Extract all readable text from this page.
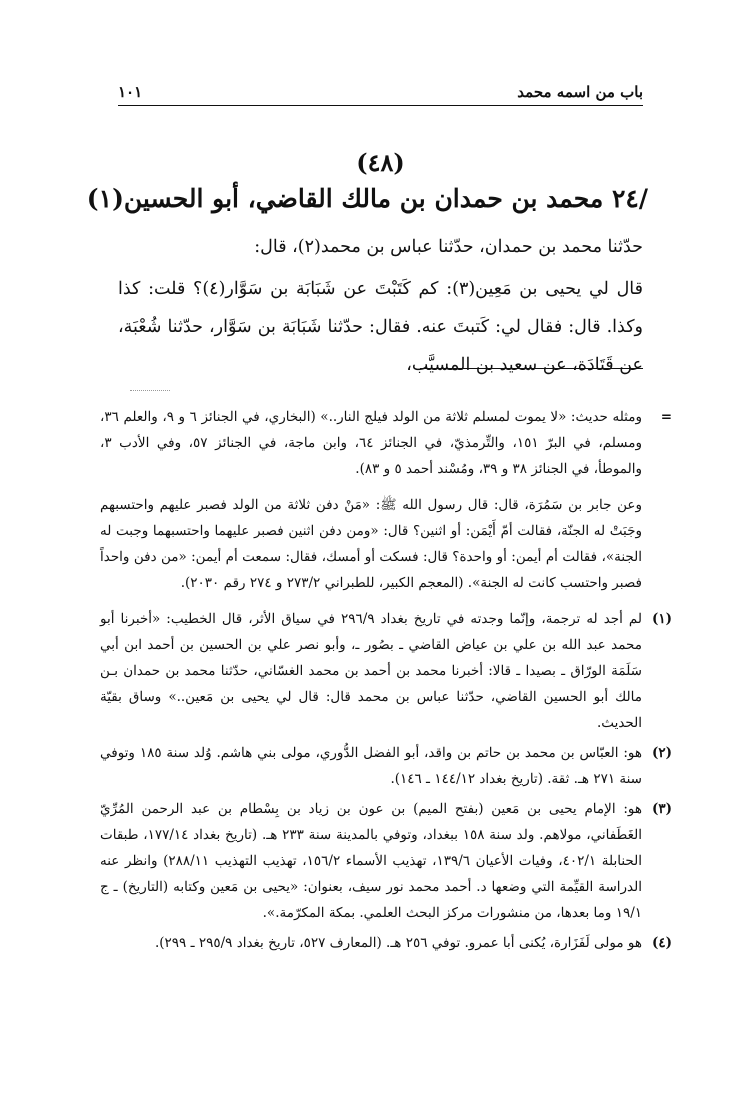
باب من اسمه محمد
١٠١
(٤٨)
/٢٤ محمد بن حمدان بن مالك القاضي، أبو الحسين(١)

حدّثنا محمد بن حمدان، حدّثنا عباس بن محمد(٢)، قال:

قال لي يحيى بن مَعِين(٣): كم كَتَبْتَ عن شَبَابَة بن سَوَّار(٤)؟ قلت: كذا وكذا. قال: فقال لي: كَتبتَ عنه. فقال: حدّثنا شَبَابَة بن سَوَّار، حدّثنا شُعْبَة، عن قَتَادَة، عن سعيد بن المسيَّب،

=
ومثله حديث: «لا يموت لمسلم ثلاثة من الولد فيلج النار..» (البخاري، في الجنائز ٦ و ٩، والعلم ٣٦، ومسلم، في البرّ ١٥١، والتِّرمذيّ، في الجنائز ٦٤، وابن ماجة، في الجنائز ٥٧، وفي الأدب ٣، والموطأ، في الجنائز ٣٨ و ٣٩، ومُسْند أحمد ٥ و ٨٣).
وعن جابر بن سَمُرَة، قال: قال رسول الله ﷺ: «مَنْ دفن ثلاثة من الولد فصبر عليهم واحتسبهم وجَبَتْ له الجنّة، فقالت أمّ أَيْمَن: أو اثنين؟ قال: «ومن دفن اثنين فصبر عليهما واحتسبهما وجبت له الجنة»، فقالت أم أيمن: أو واحدة؟ قال: فسكت أو أمسك، فقال: سمعت أم أيمن: «من دفن واحداً فصبر واحتسب كانت له الجنة». (المعجم الكبير، للطبراني ٢٧٣/٢ و ٢٧٤ رقم ٢٠٣٠).
(١)
لم أجد له ترجمة، وإنّما وجدته في تاريخ بغداد ٢٩٦/٩ في سياق الأثر، قال الخطيب: «أخبرنا أبو محمد عبد الله بن علي بن عياض القاضي ـ بصُور ـ، وأبو نصر علي بن الحسين بن أحمد ابن أبي سَلَمَة الورّاق ـ بصيدا ـ قالا: أخبرنا محمد بن أحمد بن محمد الغسّاني، حدّثنا محمد بن حمدان بـن مالك أبو الحسين القاضي، حدّثنا عباس بن محمد قال: قال لي يحيى بن مَعين..» وساق بقيّة الحديث.
(٢)
هو: العبّاس بن محمد بن حاتم بن واقد، أبو الفضل الدُّوري، مولى بني هاشم. وُلد سنة ١٨٥ وتوفي سنة ٢٧١ هـ. ثقة. (تاريخ بغداد ١٤٤/١٢ ـ ١٤٦).
(٣)
هو: الإمام يحيى بن مَعين (بفتح الميم) بن عون بن زياد بن بِسْطام بن عبد الرحمن المُرِّيّ الغَطَفاني، مولاهم. ولد سنة ١٥٨ ببغداد، وتوفي بالمدينة سنة ٢٣٣ هـ. (تاريخ بغداد ١٧٧/١٤، طبقات الحنابلة ٤٠٢/١، وفيات الأعيان ١٣٩/٦، تهذيب الأسماء ١٥٦/٢، تهذيب التهذيب ٢٨٨/١١) وانظر عنه الدراسة القيِّمة التي وضعها د. أحمد محمد نور سيف، بعنوان: «يحيى بن مَعين وكتابه (التاريخ) ـ ج ١٩/١ وما بعدها، من منشورات مركز البحث العلمي. بمكة المكرّمة.».
(٤)
هو مولى لَفَزَارة، يُكنى أبا عمرو. توفي ٢٥٦ هـ. (المعارف ٥٢٧، تاريخ بغداد ٢٩٥/٩ ـ ٢٩٩).
